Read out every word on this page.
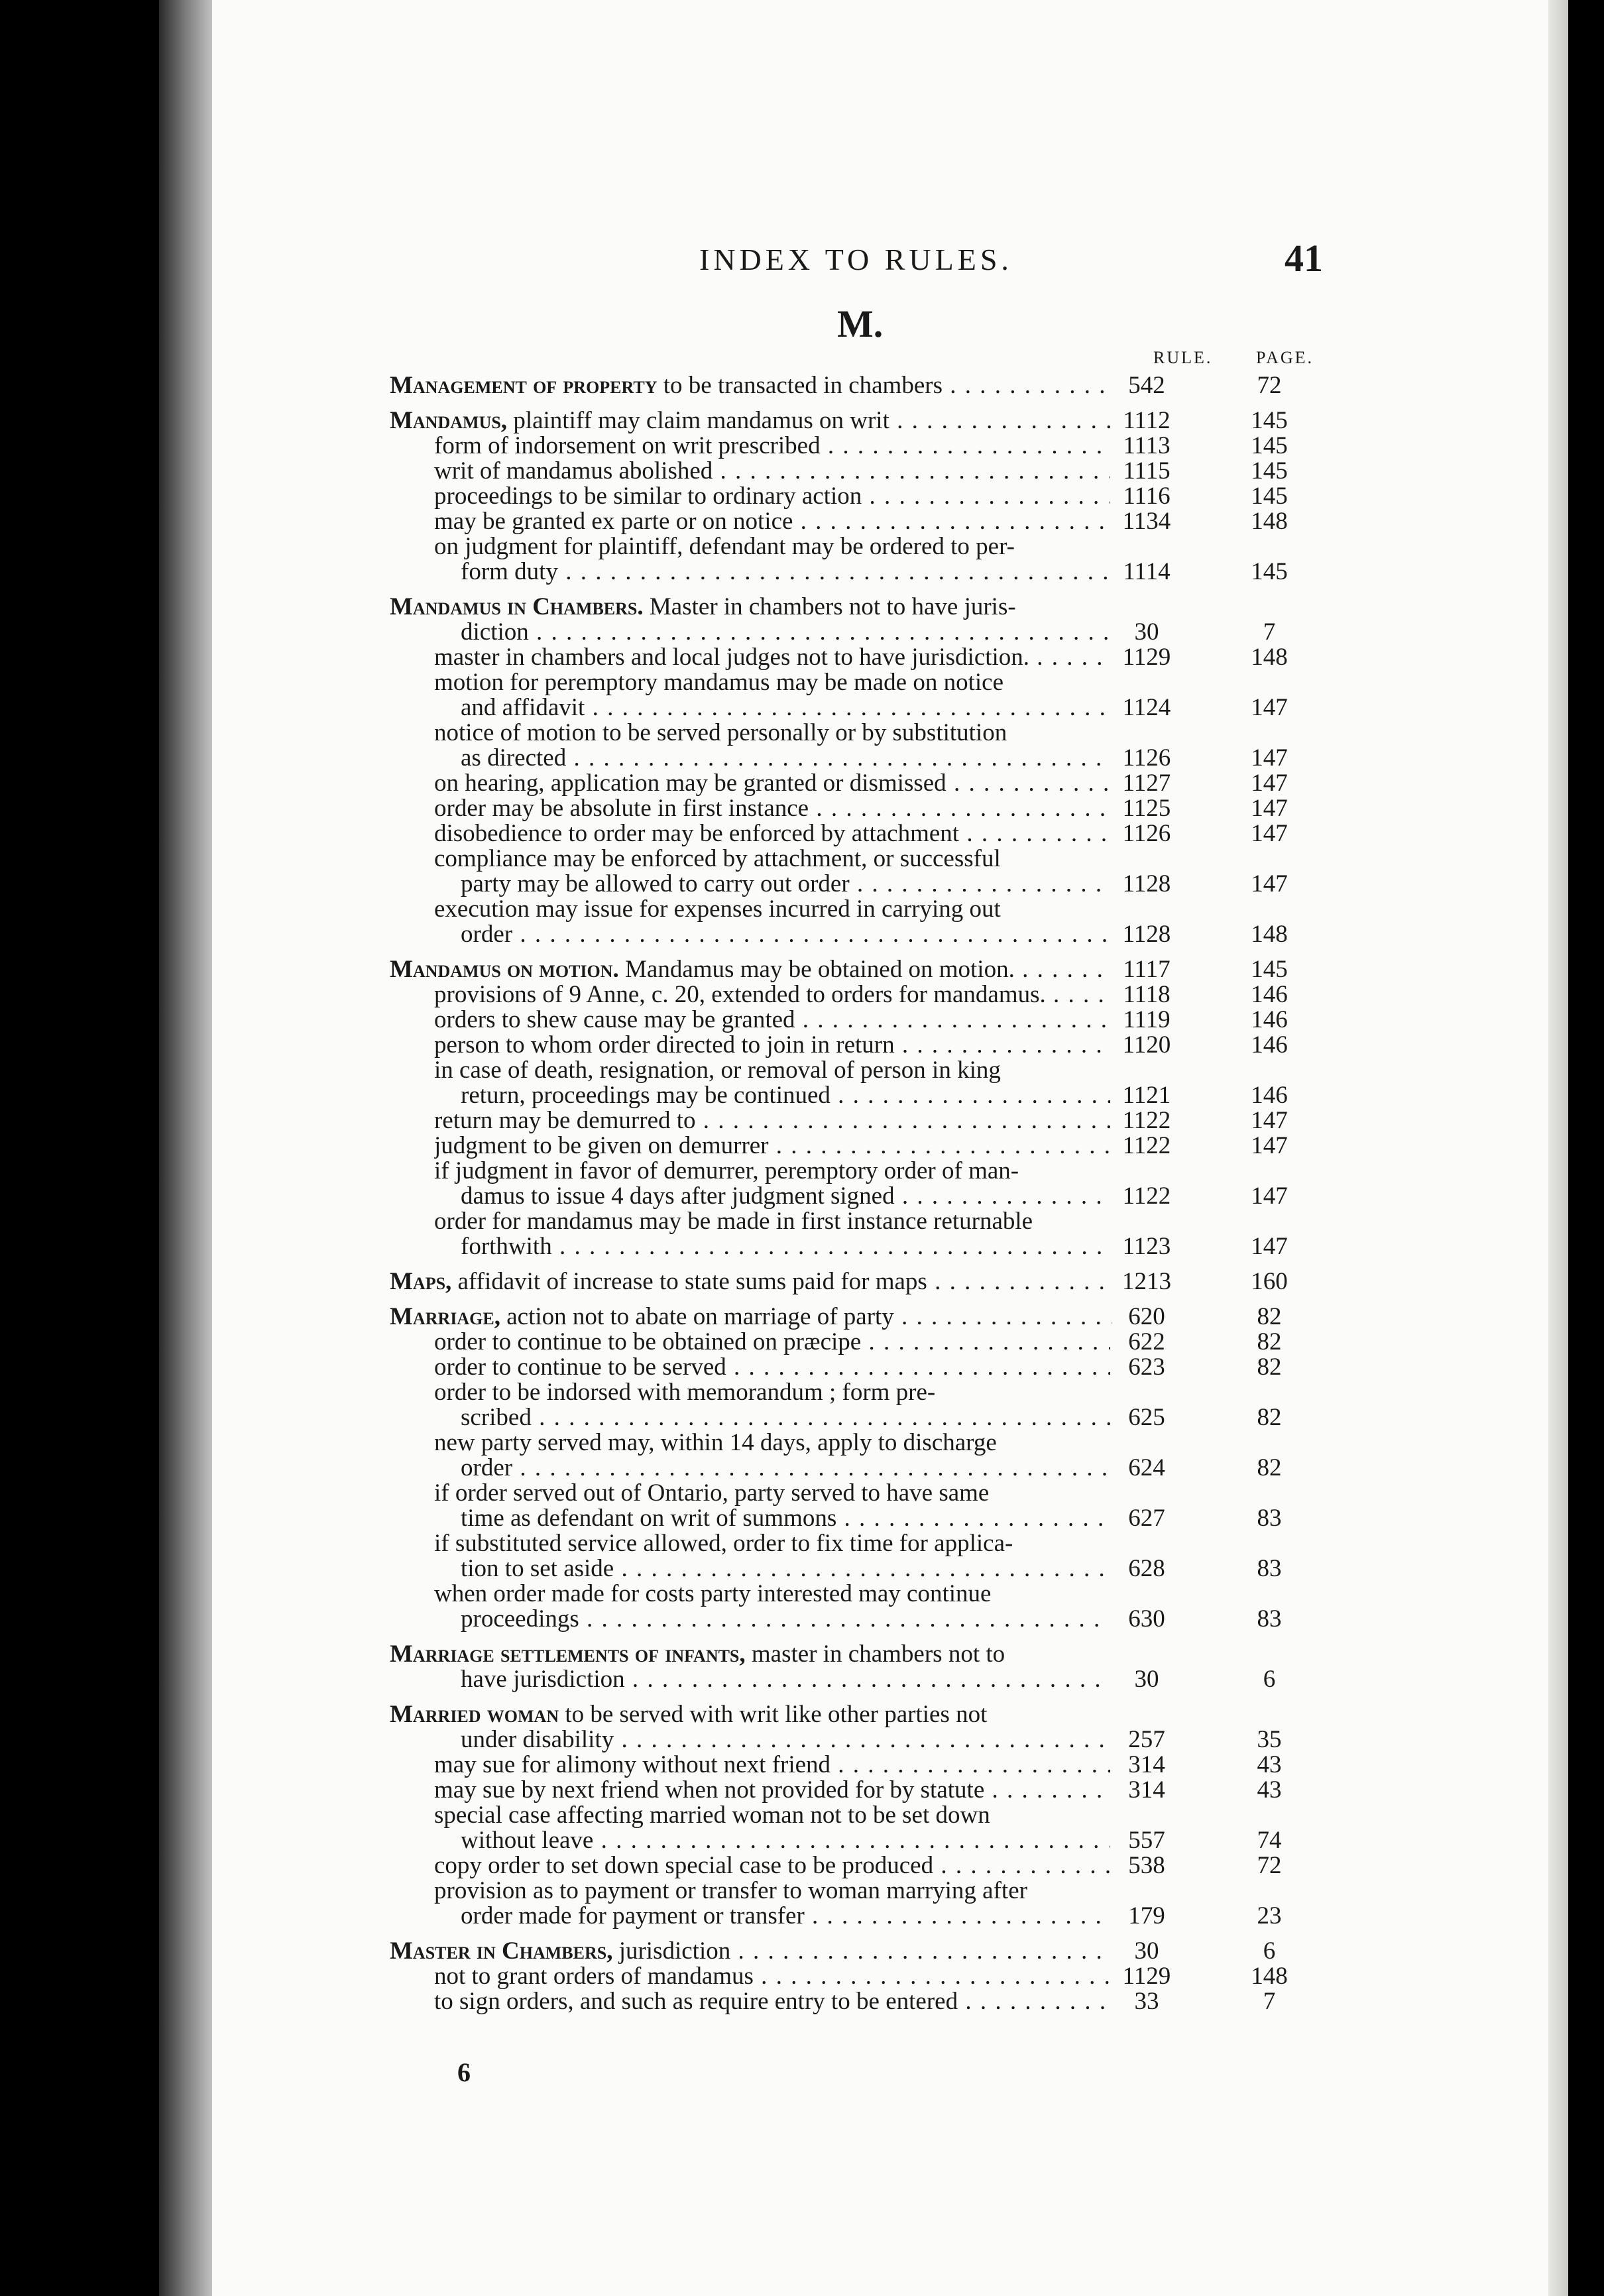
INDEX TO RULES.	41
M.
RULE.	PAGE.
Management of property to be transacted in chambers . . .	542	72
Mandamus, plaintiff may claim mandamus on writ . . .	1112	145
form of indorsement on writ prescribed . . .	1113	145
writ of mandamus abolished . . .	1115	145
proceedings to be similar to ordinary action . . .	1116	145
may be granted ex parte or on notice . . .	1134	148
on judgment for plaintiff, defendant may be ordered to per-
form duty . . .	1114	145
Mandamus in Chambers. Master in chambers not to have juris-
diction . . .	30	7
master in chambers and local judges not to have jurisdiction. . . .	1129	148
motion for peremptory mandamus may be made on notice
and affidavit . . .	1124	147
notice of motion to be served personally or by substitution
as directed . . .	1126	147
on hearing, application may be granted or dismissed . . .	1127	147
order may be absolute in first instance . . .	1125	147
disobedience to order may be enforced by attachment . . .	1126	147
compliance may be enforced by attachment, or successful
party may be allowed to carry out order . . .	1128	147
execution may issue for expenses incurred in carrying out
order . . .	1128	148
Mandamus on motion. Mandamus may be obtained on motion. . . .	1117	145
provisions of 9 Anne, c. 20, extended to orders for mandamus. . . .	1118	146
orders to shew cause may be granted . . .	1119	146
person to whom order directed to join in return . . .	1120	146
in case of death, resignation, or removal of person in king
return, proceedings may be continued . . .	1121	146
return may be demurred to . . .	1122	147
judgment to be given on demurrer . . .	1122	147
if judgment in favor of demurrer, peremptory order of man-
damus to issue 4 days after judgment signed . . .	1122	147
order for mandamus may be made in first instance returnable
forthwith . . .	1123	147
Maps, affidavit of increase to state sums paid for maps . . .	1213	160
Marriage, action not to abate on marriage of party . . .	620	82
order to continue to be obtained on præcipe . . .	622	82
order to continue to be served . . .	623	82
order to be indorsed with memorandum ; form pre-
scribed . . .	625	82
new party served may, within 14 days, apply to discharge
order . . .	624	82
if order served out of Ontario, party served to have same
time as defendant on writ of summons . . .	627	83
if substituted service allowed, order to fix time for applica-
tion to set aside . . .	628	83
when order made for costs party interested may continue
proceedings . . .	630	83
Marriage settlements of infants, master in chambers not to
have jurisdiction . . .	30	6
Married woman to be served with writ like other parties not
under disability . . .	257	35
may sue for alimony without next friend . . .	314	43
may sue by next friend when not provided for by statute . . .	314	43
special case affecting married woman not to be set down
without leave . . .	557	74
copy order to set down special case to be produced . . .	538	72
provision as to payment or transfer to woman marrying after
order made for payment or transfer . . .	179	23
Master in Chambers, jurisdiction . . .	30	6
not to grant orders of mandamus . . .	1129	148
to sign orders, and such as require entry to be entered . . .	33	7
6
